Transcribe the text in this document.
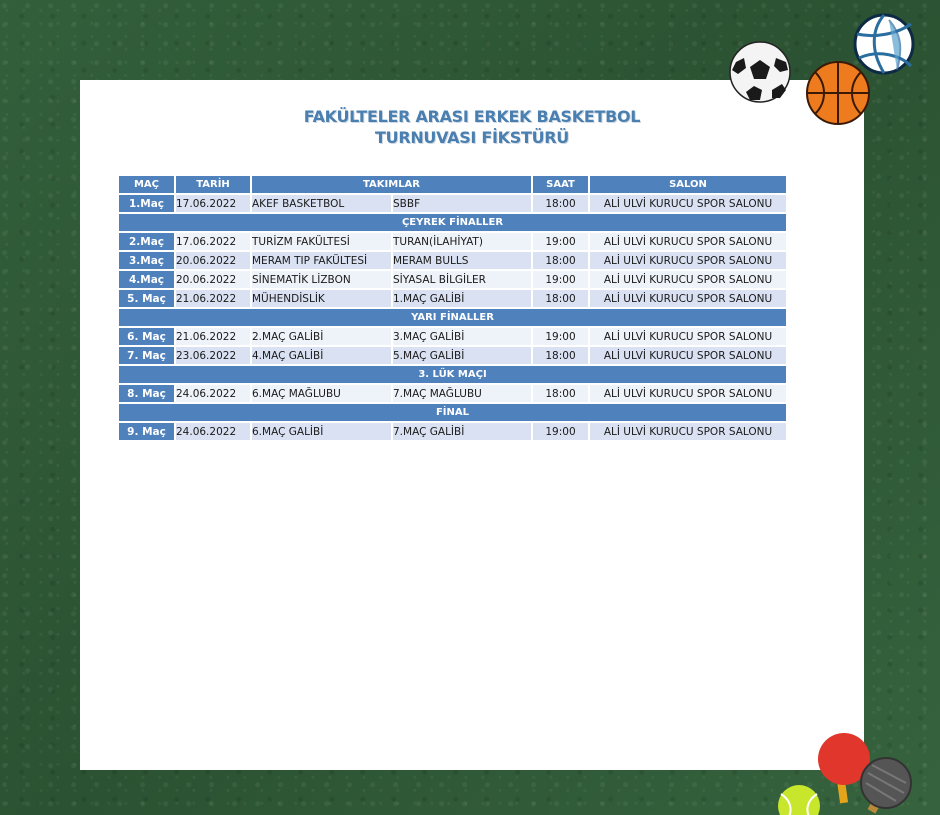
FAKÜLTELER ARASI ERKEK BASKETBOL
TURNUVASI FİKSTÜRÜ
MAÇ	TARİH	TAKIMLAR		SAAT	SALON
1.Maç	17.06.2022	AKEF BASKETBOL	SBBF	18:00	ALİ ULVİ KURUCU SPOR SALONU
ÇEYREK FİNALLER					
2.Maç	17.06.2022	TURİZM FAKÜLTESİ	TURAN(İLAHİYAT)	19:00	ALİ ULVİ KURUCU SPOR SALONU
3.Maç	20.06.2022	MERAM TIP FAKÜLTESİ	MERAM BULLS	18:00	ALİ ULVİ KURUCU SPOR SALONU
4.Maç	20.06.2022	SİNEMATİK LİZBON	SİYASAL BİLGİLER	19:00	ALİ ULVİ KURUCU SPOR SALONU
5. Maç	21.06.2022	MÜHENDİSLİK	1.MAÇ GALİBİ	18:00	ALİ ULVİ KURUCU SPOR SALONU
YARI FİNALLER					
6. Maç	21.06.2022	2.MAÇ GALİBİ	3.MAÇ GALİBİ	19:00	ALİ ULVİ KURUCU SPOR SALONU
7. Maç	23.06.2022	4.MAÇ GALİBİ	5.MAÇ GALİBİ	18:00	ALİ ULVİ KURUCU SPOR SALONU
3. LÜK MAÇI					
8. Maç	24.06.2022	6.MAÇ MAĞLUBU	7.MAÇ MAĞLUBU	18:00	ALİ ULVİ KURUCU SPOR SALONU
FİNAL					
9. Maç	24.06.2022	6.MAÇ GALİBİ	7.MAÇ GALİBİ	19:00	ALİ ULVİ KURUCU SPOR SALONU
